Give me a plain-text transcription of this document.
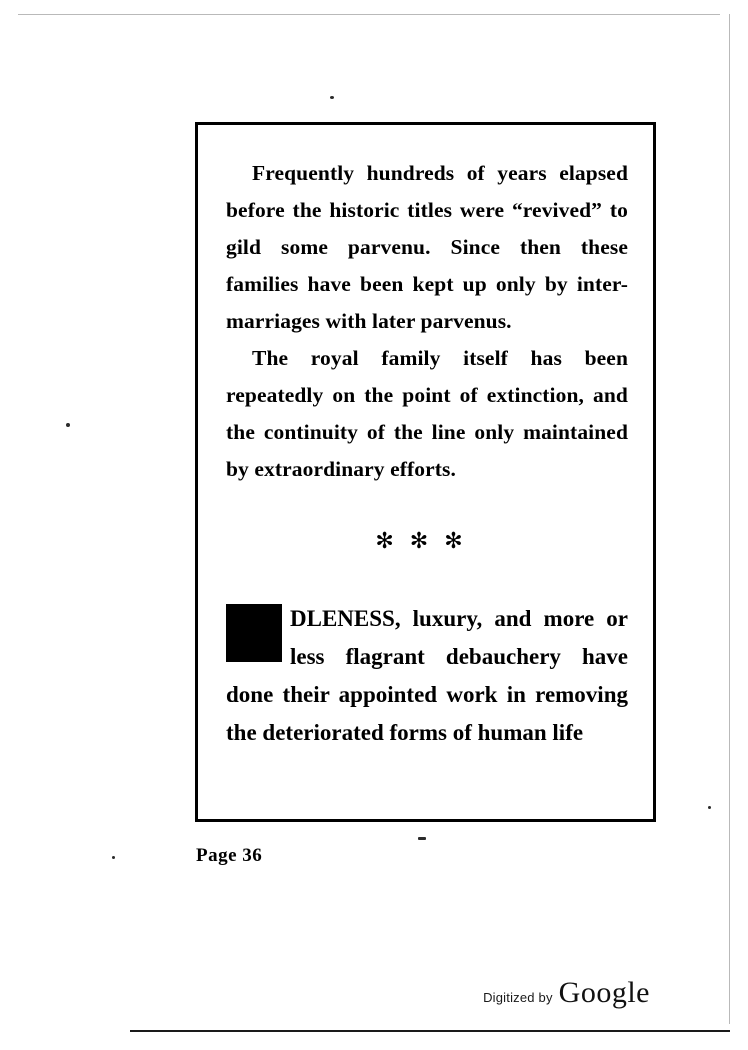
Frequently hundreds of years elapsed before the historic titles were “revived” to gild some parvenu. Since then these families have been kept up only by inter-marriages with later parvenus.

The royal family itself has been repeatedly on the point of extinction, and the continuity of the line only maintained by extraordinary efforts.

✻✻✻
DLENESS, luxury, and more or less flagrant debauchery have done their appointed work in removing the deteriorated forms of human life
Page 36
Digitized by Google
